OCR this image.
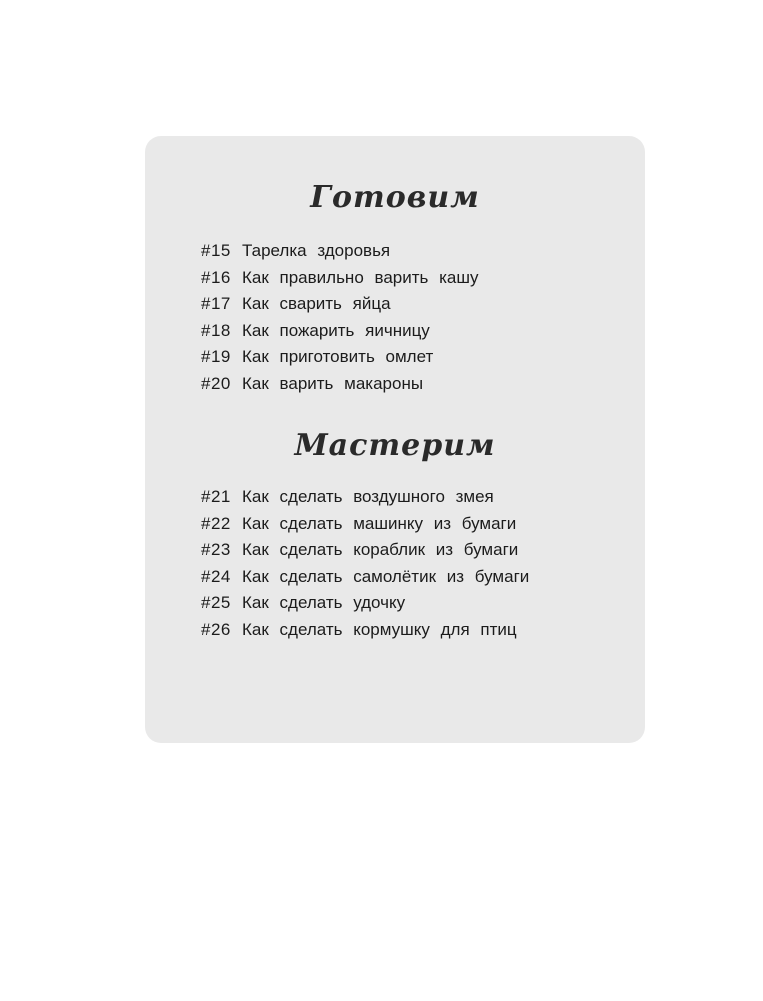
Готовим
#15 Тарелка здоровья
#16 Как правильно варить кашу
#17 Как сварить яйца
#18 Как пожарить яичницу
#19 Как приготовить омлет
#20 Как варить макароны
Мастерим
#21 Как сделать воздушного змея
#22 Как сделать машинку из бумаги
#23 Как сделать кораблик из бумаги
#24 Как сделать самолётик из бумаги
#25 Как сделать удочку
#26 Как сделать кормушку для птиц
